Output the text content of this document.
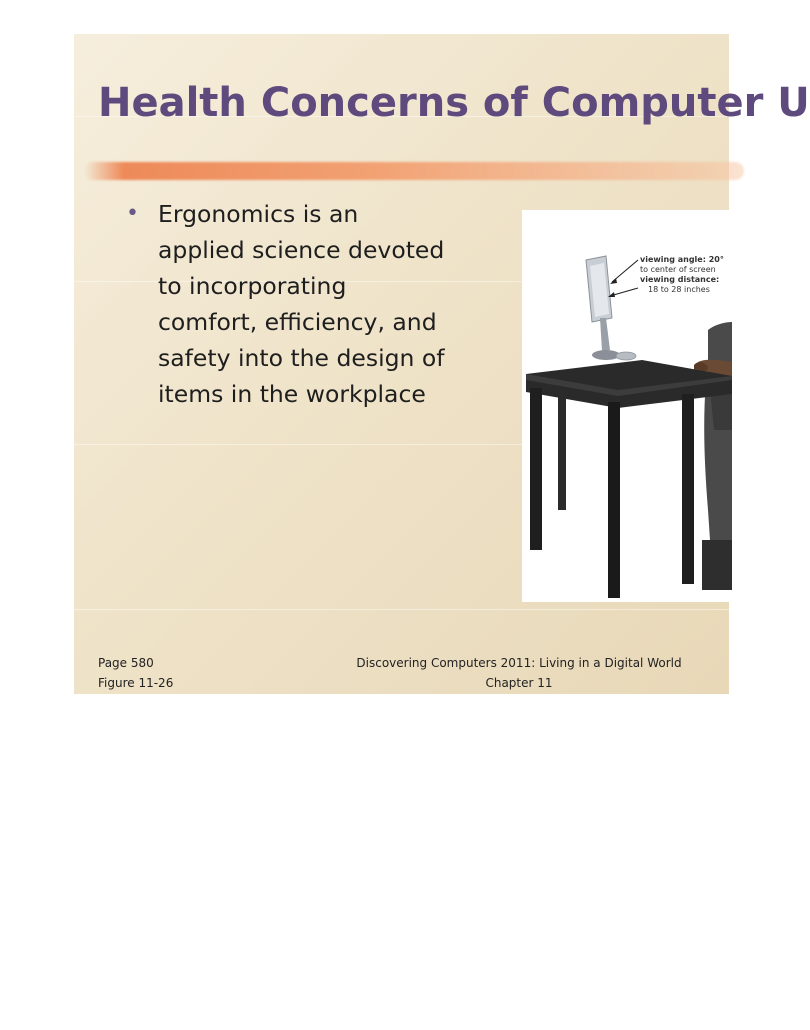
Health Concerns of Computer U
• Ergonomics is an
applied science devoted
to incorporating
comfort, efficiency, and
safety into the design of
items in the workplace
viewing angle: 20°
to center of screen
viewing distance:
18 to 28 inches
Page 580
Figure 11-26
Discovering Computers 2011: Living in a Digital World
Chapter 11
